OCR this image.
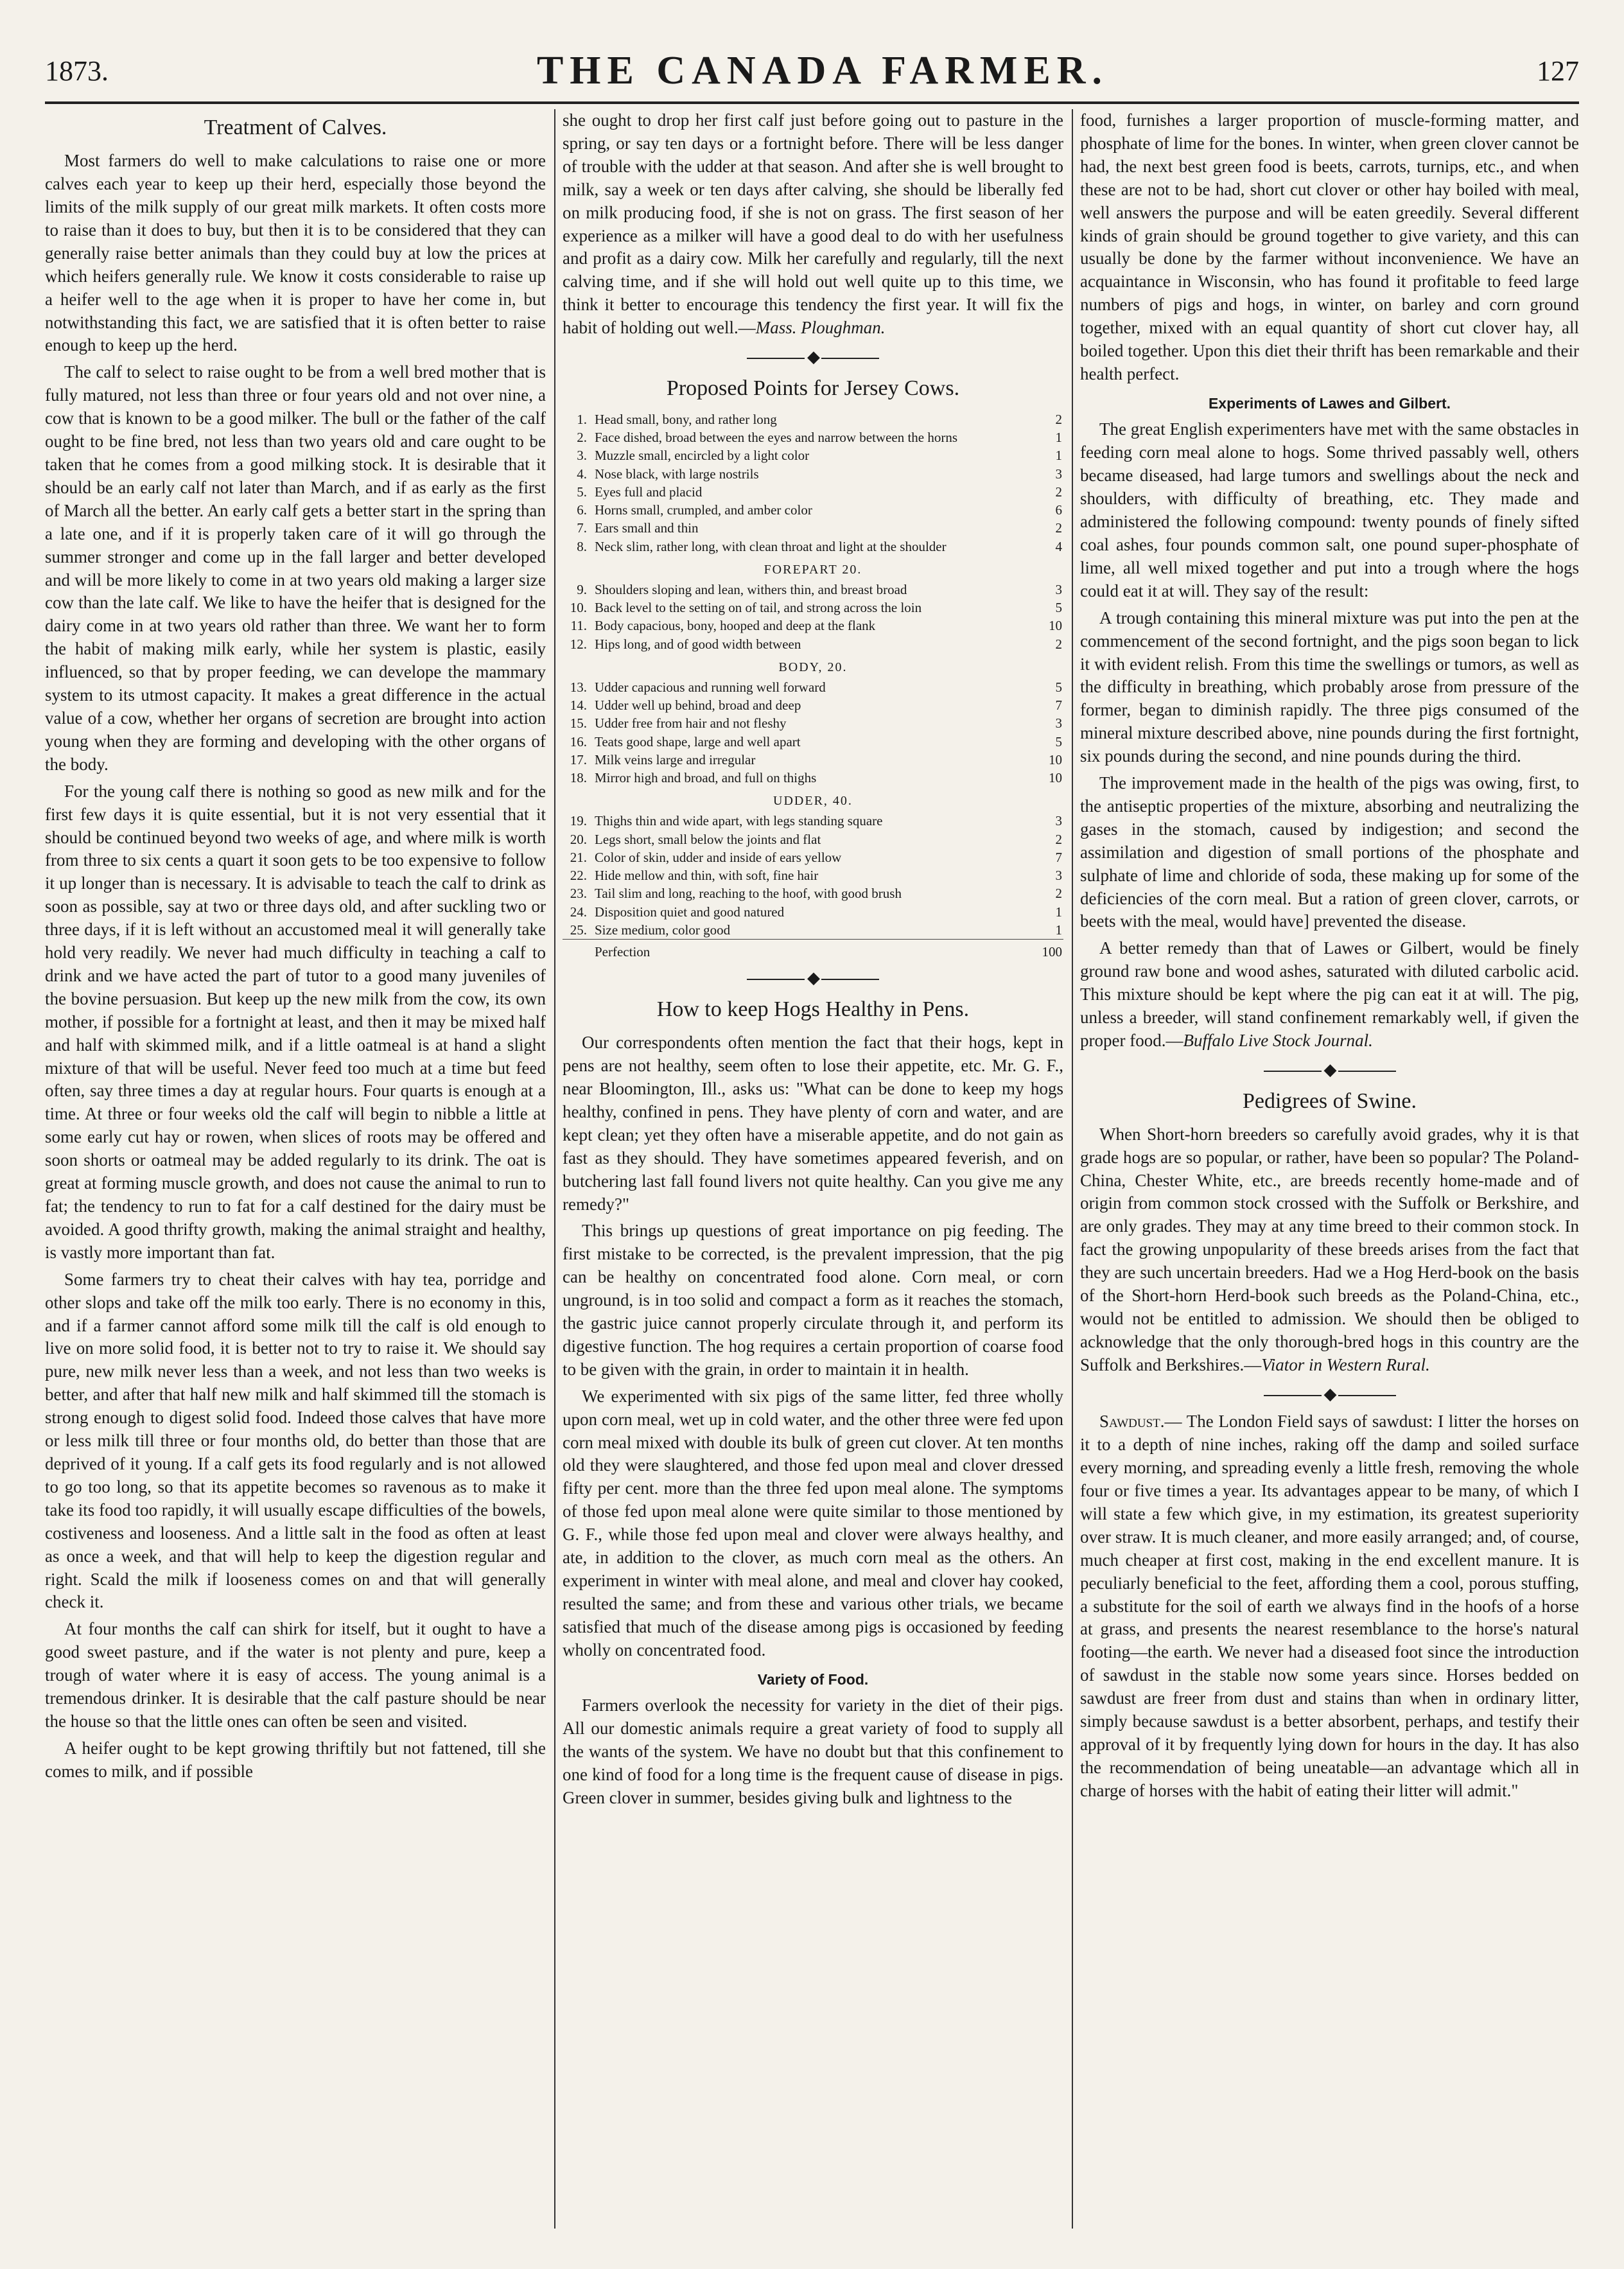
1873.	THE CANADA FARMER.	127
Treatment of Calves.

Most farmers do well to make calculations to raise one or more calves each year to keep up their herd, especially those beyond the limits of the milk supply of our great milk markets. It often costs more to raise than it does to buy, but then it is to be considered that they can generally raise better animals than they could buy at low the prices at which heifers generally rule. We know it costs considerable to raise up a heifer well to the age when it is proper to have her come in, but notwithstanding this fact, we are satisfied that it is often better to raise enough to keep up the herd.

The calf to select to raise ought to be from a well bred mother that is fully matured, not less than three or four years old and not over nine, a cow that is known to be a good milker. The bull or the father of the calf ought to be fine bred, not less than two years old and care ought to be taken that he comes from a good milking stock. It is desirable that it should be an early calf not later than March, and if as early as the first of March all the better. An early calf gets a better start in the spring than a late one, and if it is properly taken care of it will go through the summer stronger and come up in the fall larger and better developed and will be more likely to come in at two years old making a larger size cow than the late calf. We like to have the heifer that is designed for the dairy come in at two years old rather than three. We want her to form the habit of making milk early, while her system is plastic, easily influenced, so that by proper feeding, we can develope the mammary system to its utmost capacity. It makes a great difference in the actual value of a cow, whether her organs of secretion are brought into action young when they are forming and developing with the other organs of the body.

For the young calf there is nothing so good as new milk and for the first few days it is quite essential, but it is not very essential that it should be continued beyond two weeks of age, and where milk is worth from three to six cents a quart it soon gets to be too expensive to follow it up longer than is necessary. It is advisable to teach the calf to drink as soon as possible, say at two or three days old, and after suckling two or three days, if it is left without an accustomed meal it will generally take hold very readily. We never had much difficulty in teaching a calf to drink and we have acted the part of tutor to a good many juveniles of the bovine persuasion. But keep up the new milk from the cow, its own mother, if possible for a fortnight at least, and then it may be mixed half and half with skimmed milk, and if a little oatmeal is at hand a slight mixture of that will be useful. Never feed too much at a time but feed often, say three times a day at regular hours. Four quarts is enough at a time. At three or four weeks old the calf will begin to nibble a little at some early cut hay or rowen, when slices of roots may be offered and soon shorts or oatmeal may be added regularly to its drink. The oat is great at forming muscle growth, and does not cause the animal to run to fat; the tendency to run to fat for a calf destined for the dairy must be avoided. A good thrifty growth, making the animal straight and healthy, is vastly more important than fat.

Some farmers try to cheat their calves with hay tea, porridge and other slops and take off the milk too early. There is no economy in this, and if a farmer cannot afford some milk till the calf is old enough to live on more solid food, it is better not to try to raise it. We should say pure, new milk never less than a week, and not less than two weeks is better, and after that half new milk and half skimmed till the stomach is strong enough to digest solid food. Indeed those calves that have more or less milk till three or four months old, do better than those that are deprived of it young. If a calf gets its food regularly and is not allowed to go too long, so that its appetite becomes so ravenous as to make it take its food too rapidly, it will usually escape difficulties of the bowels, costiveness and looseness. And a little salt in the food as often at least as once a week, and that will help to keep the digestion regular and right. Scald the milk if looseness comes on and that will generally check it.

At four months the calf can shirk for itself, but it ought to have a good sweet pasture, and if the water is not plenty and pure, keep a trough of water where it is easy of access. The young animal is a tremendous drinker. It is desirable that the calf pasture should be near the house so that the little ones can often be seen and visited.

A heifer ought to be kept growing thriftily but not fattened, till she comes to milk, and if possible

she ought to drop her first calf just before going out to pasture in the spring, or say ten days or a fortnight before. There will be less danger of trouble with the udder at that season. And after she is well brought to milk, say a week or ten days after calving, she should be liberally fed on milk producing food, if she is not on grass. The first season of her experience as a milker will have a good deal to do with her usefulness and profit as a dairy cow. Milk her carefully and regularly, till the next calving time, and if she will hold out well quite up to this time, we think it better to encourage this tendency the first year. It will fix the habit of holding out well.—Mass. Ploughman.

◆
Proposed Points for Jersey Cows.
1.	Head small, bony, and rather long	2
2.	Face dished, broad between the eyes and narrow between the horns	1
3.	Muzzle small, encircled by a light color	1
4.	Nose black, with large nostrils	3
5.	Eyes full and placid	2
6.	Horns small, crumpled, and amber color	6
7.	Ears small and thin	2
8.	Neck slim, rather long, with clean throat and light at the shoulder	4
FOREPART 20.		
9.	Shoulders sloping and lean, withers thin, and breast broad	3
10.	Back level to the setting on of tail, and strong across the loin	5
11.	Body capacious, bony, hooped and deep at the flank	10
12.	Hips long, and of good width between	2
BODY, 20.		
13.	Udder capacious and running well forward	5
14.	Udder well up behind, broad and deep	7
15.	Udder free from hair and not fleshy	3
16.	Teats good shape, large and well apart	5
17.	Milk veins large and irregular	10
18.	Mirror high and broad, and full on thighs	10
UDDER, 40.		
19.	Thighs thin and wide apart, with legs standing square	3
20.	Legs short, small below the joints and flat	2
21.	Color of skin, udder and inside of ears yellow	7
22.	Hide mellow and thin, with soft, fine hair	3
23.	Tail slim and long, reaching to the hoof, with good brush	2
24.	Disposition quiet and good natured	1
25.	Size medium, color good	1
	Perfection	100
◆
How to keep Hogs Healthy in Pens.

Our correspondents often mention the fact that their hogs, kept in pens are not healthy, seem often to lose their appetite, etc. Mr. G. F., near Bloomington, Ill., asks us: "What can be done to keep my hogs healthy, confined in pens. They have plenty of corn and water, and are kept clean; yet they often have a miserable appetite, and do not gain as fast as they should. They have sometimes appeared feverish, and on butchering last fall found livers not quite healthy. Can you give me any remedy?"

This brings up questions of great importance on pig feeding. The first mistake to be corrected, is the prevalent impression, that the pig can be healthy on concentrated food alone. Corn meal, or corn unground, is in too solid and compact a form as it reaches the stomach, the gastric juice cannot properly circulate through it, and perform its digestive function. The hog requires a certain proportion of coarse food to be given with the grain, in order to maintain it in health.

We experimented with six pigs of the same litter, fed three wholly upon corn meal, wet up in cold water, and the other three were fed upon corn meal mixed with double its bulk of green cut clover. At ten months old they were slaughtered, and those fed upon meal and clover dressed fifty per cent. more than the three fed upon meal alone. The symptoms of those fed upon meal alone were quite similar to those mentioned by G. F., while those fed upon meal and clover were always healthy, and ate, in addition to the clover, as much corn meal as the others. An experiment in winter with meal alone, and meal and clover hay cooked, resulted the same; and from these and various other trials, we became satisfied that much of the disease among pigs is occasioned by feeding wholly on concentrated food.

Variety of Food.

Farmers overlook the necessity for variety in the diet of their pigs. All our domestic animals require a great variety of food to supply all the wants of the system. We have no doubt but that this confinement to one kind of food for a long time is the frequent cause of disease in pigs. Green clover in summer, besides giving bulk and lightness to the

food, furnishes a larger proportion of muscle-forming matter, and phosphate of lime for the bones. In winter, when green clover cannot be had, the next best green food is beets, carrots, turnips, etc., and when these are not to be had, short cut clover or other hay boiled with meal, well answers the purpose and will be eaten greedily. Several different kinds of grain should be ground together to give variety, and this can usually be done by the farmer without inconvenience. We have an acquaintance in Wisconsin, who has found it profitable to feed large numbers of pigs and hogs, in winter, on barley and corn ground together, mixed with an equal quantity of short cut clover hay, all boiled together. Upon this diet their thrift has been remarkable and their health perfect.

Experiments of Lawes and Gilbert.

The great English experimenters have met with the same obstacles in feeding corn meal alone to hogs. Some thrived passably well, others became diseased, had large tumors and swellings about the neck and shoulders, with difficulty of breathing, etc. They made and administered the following compound: twenty pounds of finely sifted coal ashes, four pounds common salt, one pound super-phosphate of lime, all well mixed together and put into a trough where the hogs could eat it at will. They say of the result:

A trough containing this mineral mixture was put into the pen at the commencement of the second fortnight, and the pigs soon began to lick it with evident relish. From this time the swellings or tumors, as well as the difficulty in breathing, which probably arose from pressure of the former, began to diminish rapidly. The three pigs consumed of the mineral mixture described above, nine pounds during the first fortnight, six pounds during the second, and nine pounds during the third.

The improvement made in the health of the pigs was owing, first, to the antiseptic properties of the mixture, absorbing and neutralizing the gases in the stomach, caused by indigestion; and second the assimilation and digestion of small portions of the phosphate and sulphate of lime and chloride of soda, these making up for some of the deficiencies of the corn meal. But a ration of green clover, carrots, or beets with the meal, would have] prevented the disease.

A better remedy than that of Lawes or Gilbert, would be finely ground raw bone and wood ashes, saturated with diluted carbolic acid. This mixture should be kept where the pig can eat it at will. The pig, unless a breeder, will stand confinement remarkably well, if given the proper food.—Buffalo Live Stock Journal.

◆
Pedigrees of Swine.

When Short-horn breeders so carefully avoid grades, why it is that grade hogs are so popular, or rather, have been so popular? The Poland-China, Chester White, etc., are breeds recently home-made and of origin from common stock crossed with the Suffolk or Berkshire, and are only grades. They may at any time breed to their common stock. In fact the growing unpopularity of these breeds arises from the fact that they are such uncertain breeders. Had we a Hog Herd-book on the basis of the Short-horn Herd-book such breeds as the Poland-China, etc., would not be entitled to admission. We should then be obliged to acknowledge that the only thorough-bred hogs in this country are the Suffolk and Berkshires.—Viator in Western Rural.

◆

Sawdust.— The London Field says of sawdust: I litter the horses on it to a depth of nine inches, raking off the damp and soiled surface every morning, and spreading evenly a little fresh, removing the whole four or five times a year. Its advantages appear to be many, of which I will state a few which give, in my estimation, its greatest superiority over straw. It is much cleaner, and more easily arranged; and, of course, much cheaper at first cost, making in the end excellent manure. It is peculiarly beneficial to the feet, affording them a cool, porous stuffing, a substitute for the soil of earth we always find in the hoofs of a horse at grass, and presents the nearest resemblance to the horse's natural footing—the earth. We never had a diseased foot since the introduction of sawdust in the stable now some years since. Horses bedded on sawdust are freer from dust and stains than when in ordinary litter, simply because sawdust is a better absorbent, perhaps, and testify their approval of it by frequently lying down for hours in the day. It has also the recommendation of being uneatable—an advantage which all in charge of horses with the habit of eating their litter will admit."
